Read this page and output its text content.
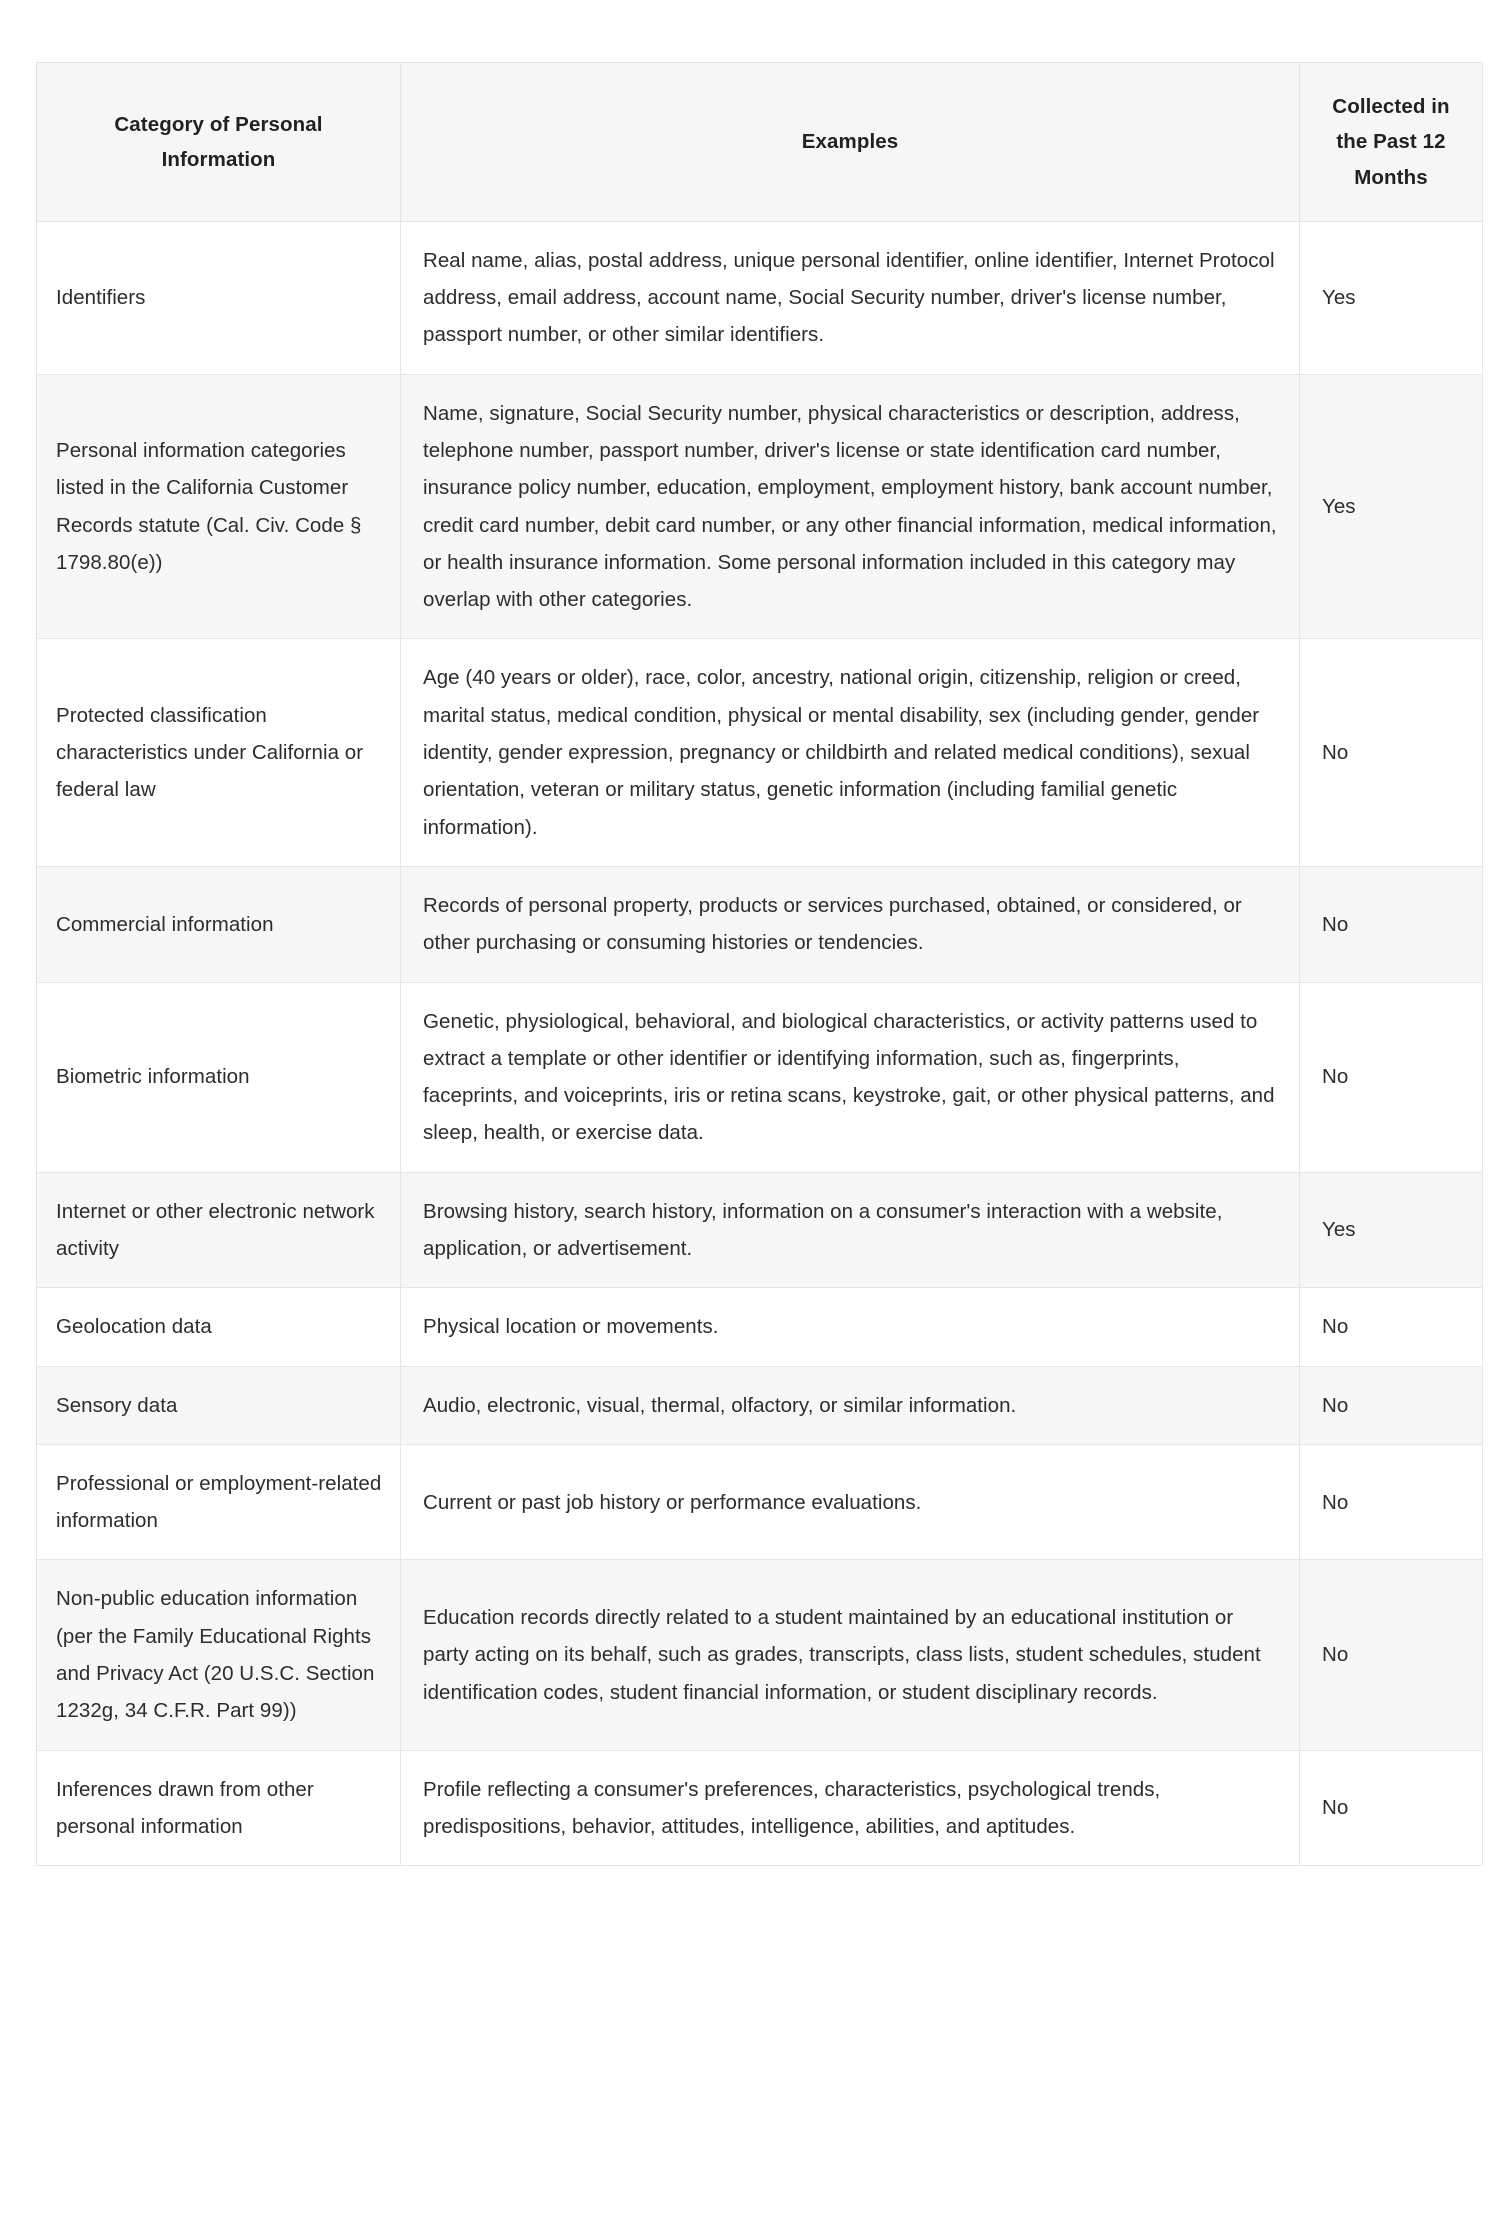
Category of Personal Information	Examples	Collected in the Past 12 Months
Identifiers	Real name, alias, postal address, unique personal identifier, online identifier, Internet Protocol address, email address, account name, Social Security number, driver's license number, passport number, or other similar identifiers.	Yes
Personal information categories listed in the California Customer Records statute (Cal. Civ. Code § 1798.80(e))	Name, signature, Social Security number, physical characteristics or description, address, telephone number, passport number, driver's license or state identification card number, insurance policy number, education, employment, employment history, bank account number, credit card number, debit card number, or any other financial information, medical information, or health insurance information. Some personal information included in this category may overlap with other categories.	Yes
Protected classification characteristics under California or federal law	Age (40 years or older), race, color, ancestry, national origin, citizenship, religion or creed, marital status, medical condition, physical or mental disability, sex (including gender, gender identity, gender expression, pregnancy or childbirth and related medical conditions), sexual orientation, veteran or military status, genetic information (including familial genetic information).	No
Commercial information	Records of personal property, products or services purchased, obtained, or considered, or other purchasing or consuming histories or tendencies.	No
Biometric information	Genetic, physiological, behavioral, and biological characteristics, or activity patterns used to extract a template or other identifier or identifying information, such as, fingerprints, faceprints, and voiceprints, iris or retina scans, keystroke, gait, or other physical patterns, and sleep, health, or exercise data.	No
Internet or other electronic network activity	Browsing history, search history, information on a consumer's interaction with a website, application, or advertisement.	Yes
Geolocation data	Physical location or movements.	No
Sensory data	Audio, electronic, visual, thermal, olfactory, or similar information.	No
Professional or employment-related information	Current or past job history or performance evaluations.	No
Non-public education information (per the Family Educational Rights and Privacy Act (20 U.S.C. Section 1232g, 34 C.F.R. Part 99))	Education records directly related to a student maintained by an educational institution or party acting on its behalf, such as grades, transcripts, class lists, student schedules, student identification codes, student financial information, or student disciplinary records.	No
Inferences drawn from other personal information	Profile reflecting a consumer's preferences, characteristics, psychological trends, predispositions, behavior, attitudes, intelligence, abilities, and aptitudes.	No
